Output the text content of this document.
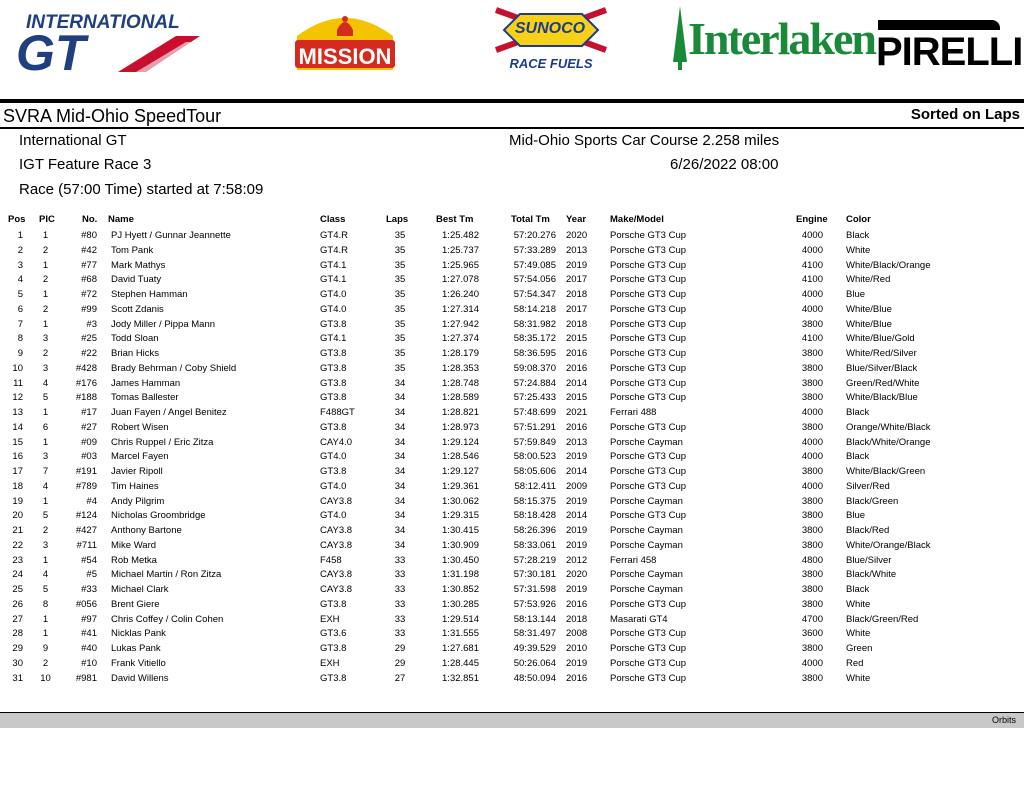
INTERNATIONAL
GT	MISSION
SUNOCO
RACE FUELS	Interlaken PIRELLI
SVRA Mid-Ohio SpeedTour	Sorted on Laps
International GT
IGT Feature Race 3
Race (57:00 Time) started at 7:58:09
Mid-Ohio Sports Car Course 2.258 miles
6/26/2022 08:00
Pos PIC	No. Name	Class	Laps	Best Tm	Total Tm Year	Make/Model	Engine Color
1	1	#80 PJ Hyett / Gunnar Jeannette	GT4.R	35	1:25.482	57:20.276 2020 Porsche GT3 Cup	4000 Black
2	2	#42 Tom Pank	GT4.R	35	1:25.737	57:33.289 2013 Porsche GT3 Cup	4000 White
3	1	#77 Mark Mathys	GT4.1	35	1:25.965	57:49.085 2019 Porsche GT3 Cup	4100 White/Black/Orange
4	2	#68 David Tuaty	GT4.1	35	1:27.078	57:54.056 2017 Porsche GT3 Cup	4100 White/Red
5	1	#72 Stephen Hamman	GT4.0	35	1:26.240	57:54.347 2018 Porsche GT3 Cup	4000 Blue
6	2	#99 Scott Zdanis	GT4.0	35	1:27.314	58:14.218 2017 Porsche GT3 Cup	4000 White/Blue
7	1	#3 Jody Miller / Pippa Mann	GT3.8	35	1:27.942	58:31.982 2018 Porsche GT3 Cup	3800 White/Blue
8	3	#25 Todd Sloan	GT4.1	35	1:27.374	58:35.172 2015 Porsche GT3 Cup	4100 White/Blue/Gold
9	2	#22 Brian Hicks	GT3.8	35	1:28.179	58:36.595 2016 Porsche GT3 Cup	3800 White/Red/Silver
10	3	#428 Brady Behrman / Coby Shield	GT3.8	35	1:28.353	59:08.370 2016 Porsche GT3 Cup	3800 Blue/Silver/Black
11	4	#176 James Hamman	GT3.8	34	1:28.748	57:24.884 2014 Porsche GT3 Cup	3800 Green/Red/White
12	5	#188 Tomas Ballester	GT3.8	34	1:28.589	57:25.433 2015 Porsche GT3 Cup	3800 White/Black/Blue
13	1	#17 Juan Fayen / Angel Benitez	F488GT	34	1:28.821	57:48.699 2021 Ferrari 488	4000 Black
14	6	#27 Robert Wisen	GT3.8	34	1:28.973	57:51.291 2016 Porsche GT3 Cup	3800 Orange/White/Black
15	1	#09 Chris Ruppel / Eric Zitza	CAY4.0	34	1:29.124	57:59.849 2013 Porsche Cayman	4000 Black/White/Orange
16	3	#03 Marcel Fayen	GT4.0	34	1:28.546	58:00.523 2019 Porsche GT3 Cup	4000 Black
17	7	#191 Javier Ripoll	GT3.8	34	1:29.127	58:05.606 2014 Porsche GT3 Cup	3800 White/Black/Green
18	4	#789 Tim Haines	GT4.0	34	1:29.361	58:12.411 2009 Porsche GT3 Cup	4000 Silver/Red
19	1	#4 Andy Pilgrim	CAY3.8	34	1:30.062	58:15.375 2019 Porsche Cayman	3800 Black/Green
20	5	#124 Nicholas Groombridge	GT4.0	34	1:29.315	58:18.428 2014 Porsche GT3 Cup	3800 Blue
21	2	#427 Anthony Bartone	CAY3.8	34	1:30.415	58:26.396 2019 Porsche Cayman	3800 Black/Red
22	3	#711 Mike Ward	CAY3.8	34	1:30.909	58:33.061 2019 Porsche Cayman	3800 White/Orange/Black
23	1	#54 Rob Metka	F458	33	1:30.450	57:28.219 2012 Ferrari 458	4800 Blue/Silver
24	4	#5 Michael Martin / Ron Zitza	CAY3.8	33	1:31.198	57:30.181 2020 Porsche Cayman	3800 Black/White
25	5	#33 Michael Clark	CAY3.8	33	1:30.852	57:31.598 2019 Porsche Cayman	3800 Black
26	8	#056 Brent Giere	GT3.8	33	1:30.285	57:53.926 2016 Porsche GT3 Cup	3800 White
27	1	#97 Chris Coffey / Colin Cohen	EXH	33	1:29.514	58:13.144 2018 Masarati GT4	4700 Black/Green/Red
28	1	#41 Nicklas Pank	GT3.6	33	1:31.555	58:31.497 2008 Porsche GT3 Cup	3600 White
29	9	#40 Lukas Pank	GT3.8	29	1:27.681	49:39.529 2010 Porsche GT3 Cup	3800 Green
30	2	#10 Frank Vitiello	EXH	29	1:28.445	50:26.064 2019 Porsche GT3 Cup	4000 Red
31	10	#981 David Willens	GT3.8	27	1:32.851	48:50.094 2016 Porsche GT3 Cup	3800 White
Orbits
